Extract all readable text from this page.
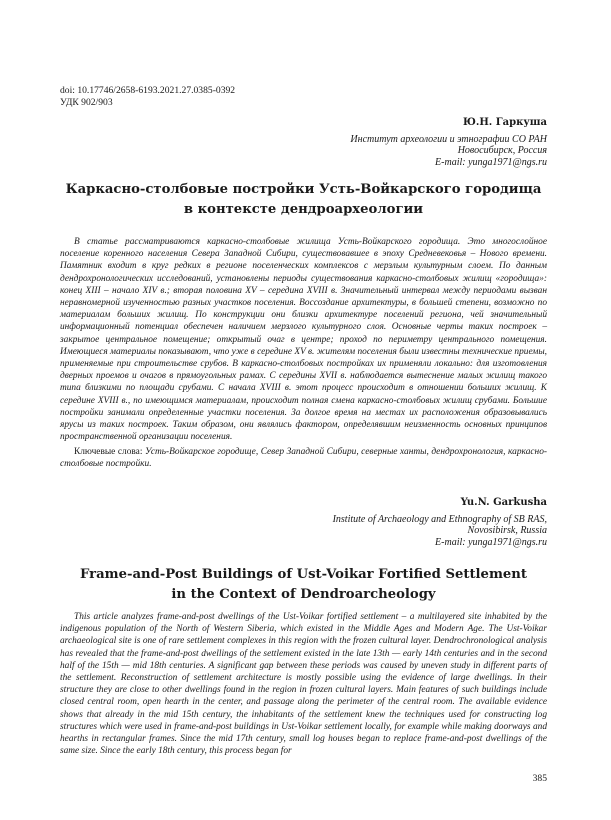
doi: 10.17746/2658-6193.2021.27.0385-0392
УДК 902/903
Ю.Н. Гаркуша
Институт археологии и этнографии СО РАН
Новосибирск, Россия
E-mail: yunga1971@ngs.ru
Каркасно-столбовые постройки Усть-Войкарского городища
в контексте дендроархеологии
В статье рассматриваются каркасно-столбовые жилища Усть-Войкарского городища. Это многослойное поселение коренного населения Севера Западной Сибири, существовавшее в эпоху Средневековья – Нового времени. Памятник входит в круг редких в регионе поселенческих комплексов с мерзлым культурным слоем. По данным дендрохронологических исследований, установлены периоды существования каркасно-столбовых жилищ «городища»: конец XIII – начало XIV в.; вторая половина XV – середина XVIII в. Значительный интервал между периодами вызван неравномерной изученностью разных участков поселения. Воссоздание архитектуры, в большей степени, возможно по материалам больших жилищ. По конструкции они близки архитектуре поселений региона, чей значительный информационный потенциал обеспечен наличием мерзлого культурного слоя. Основные черты таких построек – закрытое центральное помещение; открытый очаг в центре; проход по периметру центрального помещения. Имеющиеся материалы показывают, что уже в середине XV в. жителям поселения были известны технические приемы, применяемые при строительстве срубов. В каркасно-столбовых постройках их применяли локально: для изготовления дверных проемов и очагов в прямоугольных рамах. С середины XVII в. наблюдается вытеснение малых жилищ такого типа близкими по площади срубами. С начала XVIII в. этот процесс происходит в отношении больших жилищ. К середине XVIII в., по имеющимся материалам, происходит полная смена каркасно-столбовых жилищ срубами. Большие постройки занимали определенные участки поселения. За долгое время на местах их расположения образовывались ярусы из таких построек. Таким образом, они являлись фактором, определявшим неизменность основных принципов пространственной организации поселения.
Ключевые слова: Усть-Войкарское городище, Север Западной Сибири, северные ханты, дендрохронология, каркасно-столбовые постройки.
Yu.N. Garkusha
Institute of Archaeology and Ethnography of SB RAS,
Novosibirsk, Russia
E-mail: yunga1971@ngs.ru
Frame-and-Post Buildings of Ust-Voikar Fortified Settlement
in the Context of Dendroarcheology
This article analyzes frame-and-post dwellings of the Ust-Voikar fortified settlement – a multilayered site inhabited by the indigenous population of the North of Western Siberia, which existed in the Middle Ages and Modern Age. The Ust-Voikar archaeological site is one of rare settlement complexes in this region with the frozen cultural layer. Dendrochronological analysis has revealed that the frame-and-post dwellings of the settlement existed in the late 13th — early 14th centuries and in the second half of the 15th — mid 18th centuries. A significant gap between these periods was caused by uneven study in different parts of the settlement. Reconstruction of settlement architecture is mostly possible using the evidence of large dwellings. In their structure they are close to other dwellings found in the region in frozen cultural layers. Main features of such buildings include closed central room, open hearth in the center, and passage along the perimeter of the central room. The available evidence shows that already in the mid 15th century, the inhabitants of the settlement knew the techniques used for constructing log structures which were used in frame-and-post buildings in Ust-Voikar settlement locally, for example while making doorways and hearths in rectangular frames. Since the mid 17th century, small log houses began to replace frame-and-post dwellings of the same size. Since the early 18th century, this process began for
385
